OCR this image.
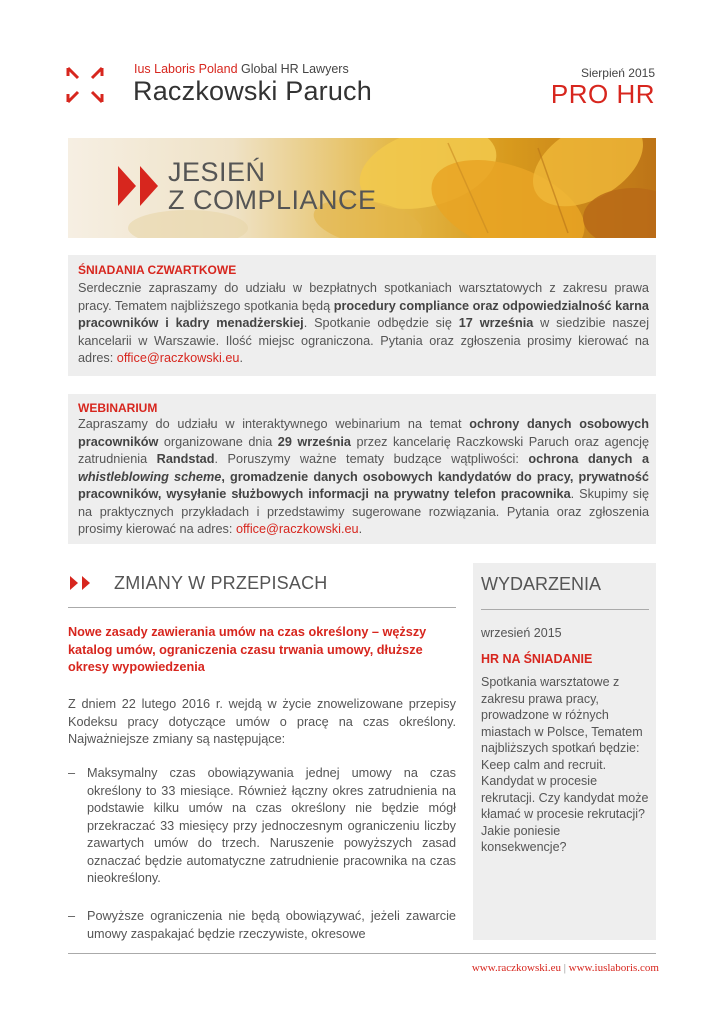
Ius Laboris Poland Global HR Lawyers
Raczkowski Paruch
Sierpień 2015
PRO HR
JESIEŃ
Z COMPLIANCE
ŚNIADANIA CZWARTKOWE
Serdecznie zapraszamy do udziału w bezpłatnych spotkaniach warsztatowych z zakresu prawa pracy. Tematem najbliższego spotkania będą procedury compliance oraz odpowiedzialność karna pracowników i kadry menadżerskiej. Spotkanie odbędzie się 17 września w siedzibie naszej kancelarii w Warszawie. Ilość miejsc ograniczona. Pytania oraz zgłoszenia prosimy kierować na adres: office@raczkowski.eu.
WEBINARIUM
Zapraszamy do udziału w interaktywnego webinarium na temat ochrony danych osobowych pracowników organizowane dnia 29 września przez kancelarię Raczkowski Paruch oraz agencję zatrudnienia Randstad. Poruszymy ważne tematy budzące wątpliwości: ochrona danych a whistleblowing scheme, gromadzenie danych osobowych kandydatów do pracy, prywatność pracowników, wysyłanie służbowych informacji na prywatny telefon pracownika. Skupimy się na praktycznych przykładach i przedstawimy sugerowane rozwiązania. Pytania oraz zgłoszenia prosimy kierować na adres: office@raczkowski.eu.
ZMIANY W PRZEPISACH
Nowe zasady zawierania umów na czas określony – węższy katalog umów, ograniczenia czasu trwania umowy, dłuższe okresy wypowiedzenia
Z dniem 22 lutego 2016 r. wejdą w życie znowelizowane przepisy Kodeksu pracy dotyczące umów o pracę na czas określony. Najważniejsze zmiany są następujące:
– Maksymalny czas obowiązywania jednej umowy na czas określony to 33 miesiące. Również łączny okres zatrudnienia na podstawie kilku umów na czas określony nie będzie mógł przekraczać 33 miesięcy przy jednoczesnym ograniczeniu liczby zawartych umów do trzech. Naruszenie powyższych zasad oznaczać będzie automatyczne zatrudnienie pracownika na czas nieokreślony.
– Powyższe ograniczenia nie będą obowiązywać, jeżeli zawarcie umowy zaspakajać będzie rzeczywiste, okresowe
WYDARZENIA
wrzesień 2015
HR NA ŚNIADANIE
Spotkania warsztatowe z zakresu prawa pracy, prowadzone w różnych miastach w Polsce, Tematem najbliższych spotkań będzie: Keep calm and recruit. Kandydat w procesie rekrutacji. Czy kandydat może kłamać w procesie rekrutacji? Jakie poniesie konsekwencje?
www.raczkowski.eu | www.iuslaboris.com
